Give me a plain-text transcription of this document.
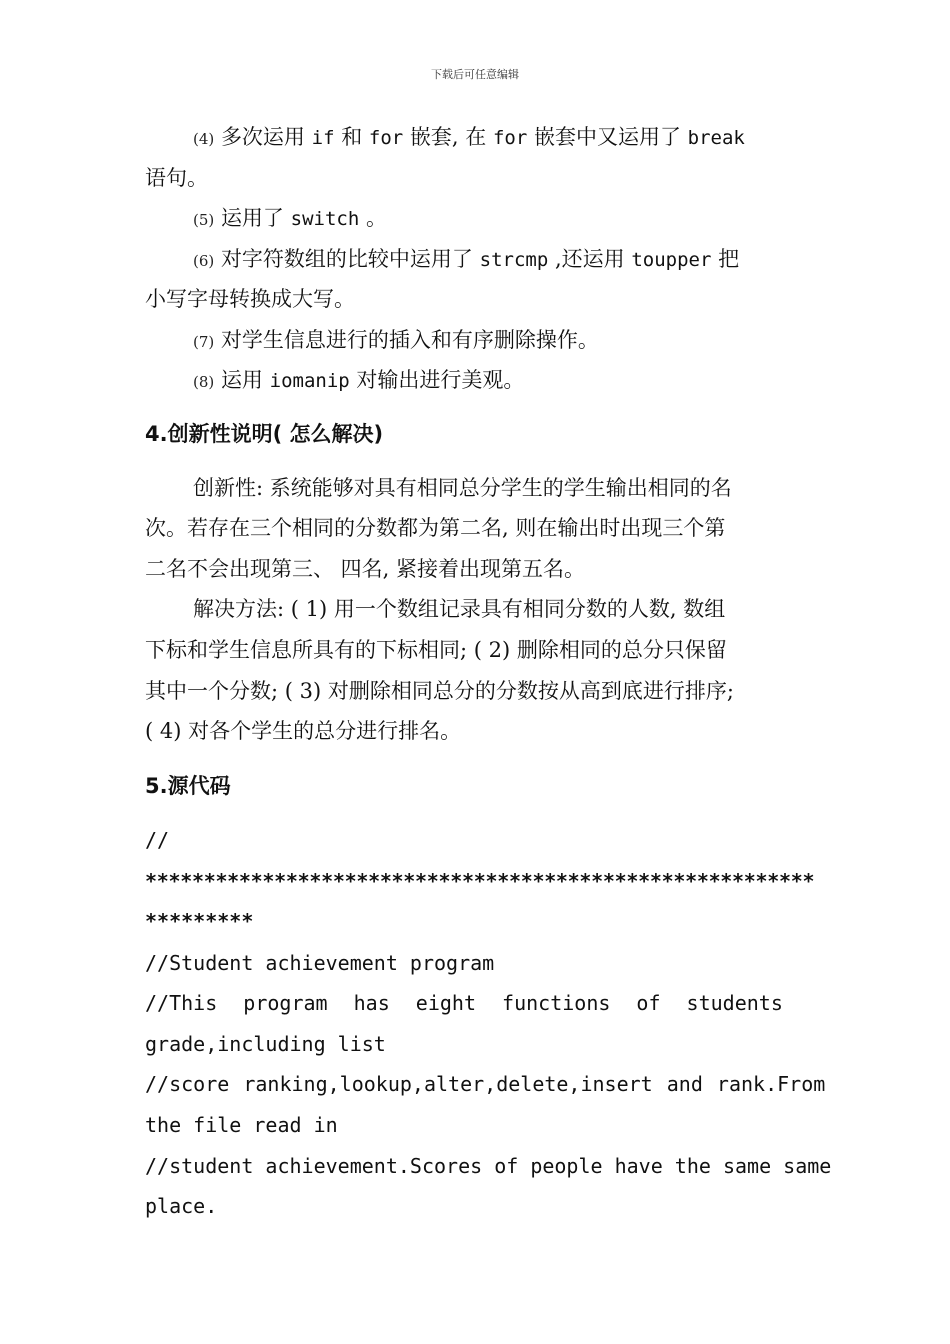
下载后可任意编辑
(4) 多次运用 if 和 for 嵌套, 在 for 嵌套中又运用了 break
语句。
(5) 运用了 switch 。
(6) 对字符数组的比较中运用了 strcmp ,还运用 toupper 把
小写字母转换成大写。
(7) 对学生信息进行的插入和有序删除操作。
(8) 运用 iomanip 对输出进行美观。
4.创新性说明( 怎么解决)
创新性: 系统能够对具有相同总分学生的学生输出相同的名
次。若存在三个相同的分数都为第二名, 则在输出时出现三个第
二名不会出现第三、 四名, 紧接着出现第五名。
解决方法: ( 1) 用一个数组记录具有相同分数的人数, 数组
下标和学生信息所具有的下标相同; ( 2) 删除相同的总分只保留
其中一个分数; ( 3) 对删除相同总分的分数按从高到底进行排序;
( 4) 对各个学生的总分进行排名。
5.源代码
//
*********************************************************
*********
//Student achievement program
//This program has eight functions of students
grade,including list
//score ranking,lookup,alter,delete,insert and rank.From
the file read in
//student achievement.Scores of people have the same same
place.
